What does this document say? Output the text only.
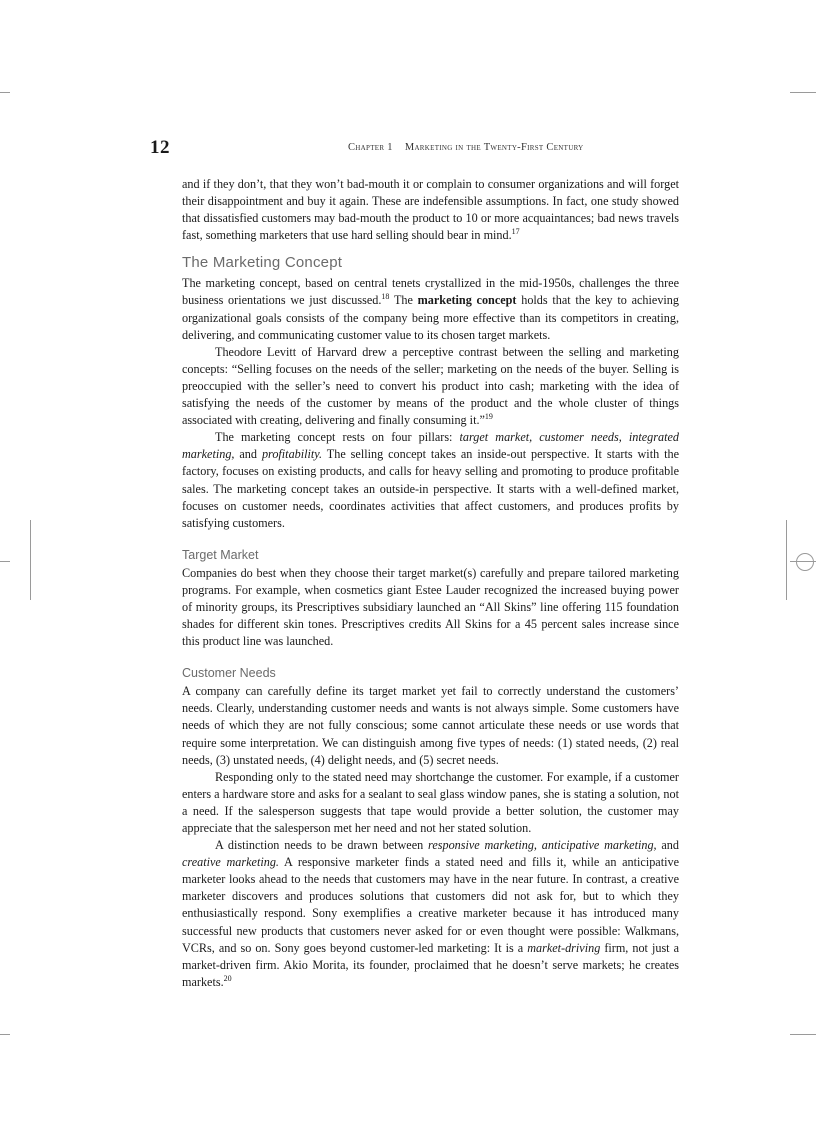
12	Chapter 1 Marketing in the Twenty-First Century

and if they don’t, that they won’t bad-mouth it or complain to consumer organizations and will forget their disappointment and buy it again. These are indefensible assumptions. In fact, one study showed that dissatisfied customers may bad-mouth the product to 10 or more acquaintances; bad news travels fast, something marketers that use hard selling should bear in mind.$^{17}$

The Marketing Concept

The marketing concept, based on central tenets crystallized in the mid-1950s, challenges the three business orientations we just discussed.$^{18}$ The marketing concept holds that the key to achieving organizational goals consists of the company being more effective than its competitors in creating, delivering, and communicating customer value to its chosen target markets.

Theodore Levitt of Harvard drew a perceptive contrast between the selling and marketing concepts: “Selling focuses on the needs of the seller; marketing on the needs of the buyer. Selling is preoccupied with the seller’s need to convert his product into cash; marketing with the idea of satisfying the needs of the customer by means of the product and the whole cluster of things associated with creating, delivering and finally consuming it.”$^{19}$

The marketing concept rests on four pillars: target market, customer needs, integrated marketing, and profitability. The selling concept takes an inside-out perspective. It starts with the factory, focuses on existing products, and calls for heavy selling and promoting to produce profitable sales. The marketing concept takes an outside-in perspective. It starts with a well-defined market, focuses on customer needs, coordinates activities that affect customers, and produces profits by satisfying customers.

Target Market

Companies do best when they choose their target market(s) carefully and prepare tailored marketing programs. For example, when cosmetics giant Estee Lauder recognized the increased buying power of minority groups, its Prescriptives subsidiary launched an “All Skins” line offering 115 foundation shades for different skin tones. Prescriptives credits All Skins for a 45 percent sales increase since this product line was launched.

Customer Needs

A company can carefully define its target market yet fail to correctly understand the customers’ needs. Clearly, understanding customer needs and wants is not always simple. Some customers have needs of which they are not fully conscious; some cannot articulate these needs or use words that require some interpretation. We can distinguish among five types of needs: (1) stated needs, (2) real needs, (3) unstated needs, (4) delight needs, and (5) secret needs.

Responding only to the stated need may shortchange the customer. For example, if a customer enters a hardware store and asks for a sealant to seal glass window panes, she is stating a solution, not a need. If the salesperson suggests that tape would provide a better solution, the customer may appreciate that the salesperson met her need and not her stated solution.

A distinction needs to be drawn between responsive marketing, anticipative marketing, and creative marketing. A responsive marketer finds a stated need and fills it, while an anticipative marketer looks ahead to the needs that customers may have in the near future. In contrast, a creative marketer discovers and produces solutions that customers did not ask for, but to which they enthusiastically respond. Sony exemplifies a creative marketer because it has introduced many successful new products that customers never asked for or even thought were possible: Walkmans, VCRs, and so on. Sony goes beyond customer-led marketing: It is a market-driving firm, not just a market-driven firm. Akio Morita, its founder, proclaimed that he doesn’t serve markets; he creates markets.$^{20}$
